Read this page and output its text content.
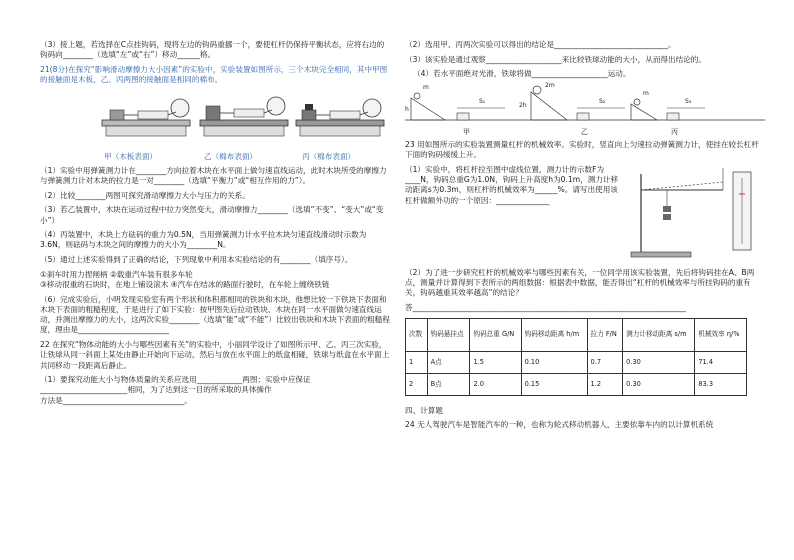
（3）接上题，若选择在C点挂钩码，现将左边的钩码重挪一个，要使杠杆仍保持平衡状态，应将右边的钩码向________（选填“左”或“右”）移动______格。

21(8分)在探究“影响滑动摩擦力大小因素”的实验中，实验装置如图所示，三个木块完全相同，其中甲图的接触面是木板，乙、丙两图的接触面是相同的棉布。

甲（木板表面）	乙（棉布表面）	丙（棉布表面）

（1）实验中用弹簧测力计在________方向拉着木块在水平面上做匀速直线运动，此时木块所受的摩擦力与弹簧测力计对木块的拉力是一对________（选填“平衡力”或“相互作用的力”）。

（2）比较________两图可探究滑动摩擦力大小与压力的关系。

（3）若乙装置中，木块在运动过程中拉力突然变大，滑动摩擦力________（选填“不变”、“变大”或“变小”）

（4）丙装置中，木块上方砝码的重力为0.5N，当用弹簧测力计水平拉木块匀速直线滑动时示数为3.6N，则砝码与木块之间的摩擦力的大小为________N。

（5）通过上述实验得到了正确的结论，下列现象中利用本实验结论的有________（填序号）。

①刹车时用力捏闸柄 ②载重汽车装有很多车轮

③移动很重的石块时，在地上铺设滚木 ④汽车在结冰的路面行驶时，在车轮上缠绕铁链

（6）完成实验后，小明发现实验室有两个形状和体积都相同的铁块和木块，他想比较一下铁块下表面和木块下表面的粗糙程度，于是进行了如下实验：按甲图先后拉动铁块、木块在同一水平面做匀速直线运动，并测出摩擦力的大小，这两次实验________（选填“能”或“不能”）比较出铁块和木块下表面的粗糙程度，理由是________________________

22 在探究“物体动能的大小与哪些因素有关”的实验中，小丽同学设计了如图所示甲、乙、丙三次实验，让铁球从同一斜面上某处由静止开始向下运动，然后与放在水平面上的纸盒相碰，铁球与纸盒在水平面上共同移动一段距离后静止。

（1）要探究动能大小与物体质量的关系应选用____________两图；实验中应保证

_______________________相同，为了达到这一目的所采取的具体操作

方法是________________________________。

（2）选用甲、丙两次实验可以得出的结论是______________________________。

（3）该实验是通过观察____________________来比较铁球动能的大小，从而得出结论的。

（4）若水平面绝对光滑，铁球将做____________________运动。

甲	乙	丙
m	2m
m
S₁	S₂	S₃
h
2h

23 用如图所示的实验装置测量杠杆的机械效率。实验时，竖直向上匀速拉动弹簧测力计，使挂在较长杠杆下面的钩码缓缓上升。

（1）实验中，将杠杆拉至图中虚线位置，测力计的示数F为____N，钩码总重G为1.0N，钩码上升高度h为0.1m，测力计移动距离s为0.3m，则杠杆的机械效率为______%。请写出使用该杠杆做额外功的一个原因：______________

（2）为了进一步研究杠杆的机械效率与哪些因素有关，一位同学用该实验装置，先后将钩码挂在A、B两点，测量并计算得到下表所示的两组数据：根据表中数据，能否得出“杠杆的机械效率与所挂钩码的重有关，钩码越重其效率越高”的结论？

答________________________________________________________________________

次数	钩码悬挂点	钩码总重 G/N	钩码移动距离 h/m	拉力 F/N	测力计移动距离 s/m	机械效率 η/%
1	A点	1.5	0.10	0.7	0.30	71.4
2	B点	2.0	0.15	1.2	0.30	83.3

四、计算题

24 无人驾驶汽车是智能汽车的一种，也称为轮式移动机器人，主要依靠车内的以计算机系统
